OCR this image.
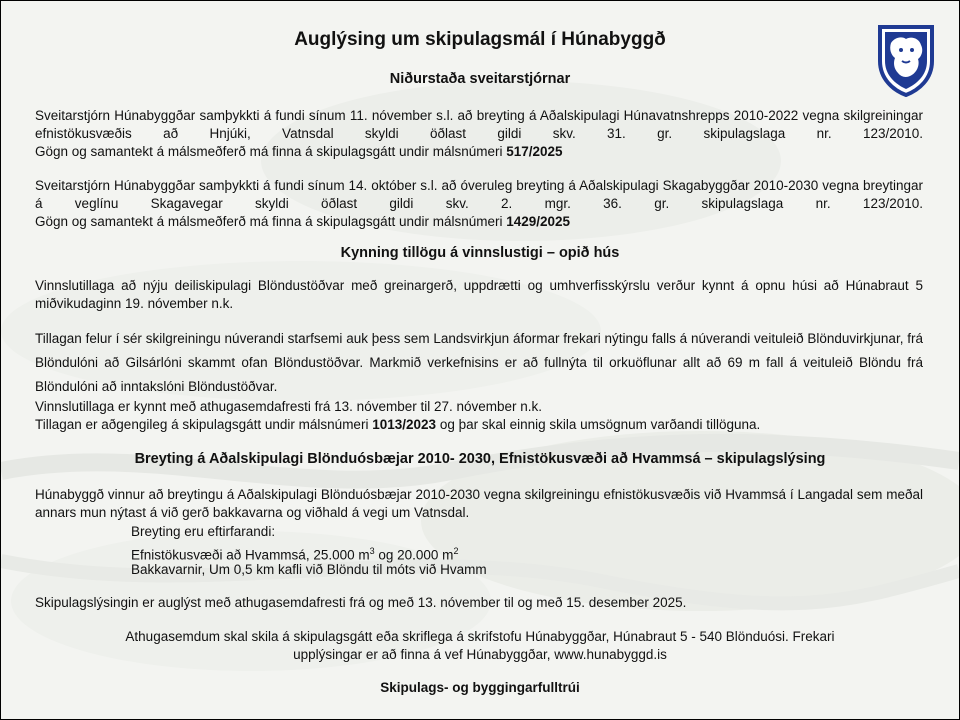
Auglýsing um skipulagsmál í Húnabyggð
Niðurstaða sveitarstjórnar
Sveitarstjórn Húnabyggðar samþykkti á fundi sínum 11. nóvember s.l. að breyting á Aðalskipulagi Húnavatnshrepps 2010-2022 vegna skilgreiningar efnistökusvæðis að Hnjúki, Vatnsdal skyldi öðlast gildi skv. 31. gr. skipulagslaga nr. 123/2010.
Gögn og samantekt á málsmeðferð má finna á skipulagsgátt undir málsnúmeri 517/2025
Sveitarstjórn Húnabyggðar samþykkti á fundi sínum 14. október s.l. að óveruleg breyting á Aðalskipulagi Skagabyggðar 2010-2030 vegna breytingar á veglínu Skagavegar skyldi öðlast gildi skv. 2. mgr. 36. gr. skipulagslaga nr. 123/2010.
Gögn og samantekt á málsmeðferð má finna á skipulagsgátt undir málsnúmeri 1429/2025
Kynning tillögu á vinnslustigi – opið hús
Vinnslutillaga að nýju deiliskipulagi Blöndustöðvar með greinargerð, uppdrætti og umhverfisskýrslu verður kynnt á opnu húsi að Húnabraut 5 miðvikudaginn 19. nóvember n.k.
Tillagan felur í sér skilgreiningu núverandi starfsemi auk þess sem Landsvirkjun áformar frekari nýtingu falls á núverandi veituleið Blönduvirkjunar, frá Blöndulóni að Gilsárlóni skammt ofan Blöndustöðvar. Markmið verkefnisins er að fullnýta til orkuöflunar allt að 69 m fall á veituleið Blöndu frá Blöndulóni að inntakslóni Blöndustöðvar.
Vinnslutillaga er kynnt með athugasemdafresti frá 13. nóvember til 27. nóvember n.k.
Tillagan er aðgengileg á skipulagsgátt undir málsnúmeri 1013/2023 og þar skal einnig skila umsögnum varðandi tillöguna.
Breyting á Aðalskipulagi Blönduósbæjar 2010- 2030, Efnistökusvæði að Hvammsá – skipulagslýsing
Húnabyggð vinnur að breytingu á Aðalskipulagi Blönduósbæjar 2010-2030 vegna skilgreiningu efnistökusvæðis við Hvammsá í Langadal sem meðal annars mun nýtast á við gerð bakkavarna og viðhald á vegi um Vatnsdal.
Breyting eru eftirfarandi:
Efnistökusvæði að Hvammsá, 25.000 $m^3$ og 20.000 $m^2$
Bakkavarnir, Um 0,5 km kafli við Blöndu til móts við Hvamm
Skipulagslýsingin er auglýst með athugasemdafresti frá og með 13. nóvember til og með 15. desember 2025.
Athugasemdum skal skila á skipulagsgátt eða skriflega á skrifstofu Húnabyggðar, Húnabraut 5 - 540 Blönduósi. Frekari
upplýsingar er að finna á vef Húnabyggðar, www.hunabyggd.is
Skipulags- og byggingarfulltrúi
